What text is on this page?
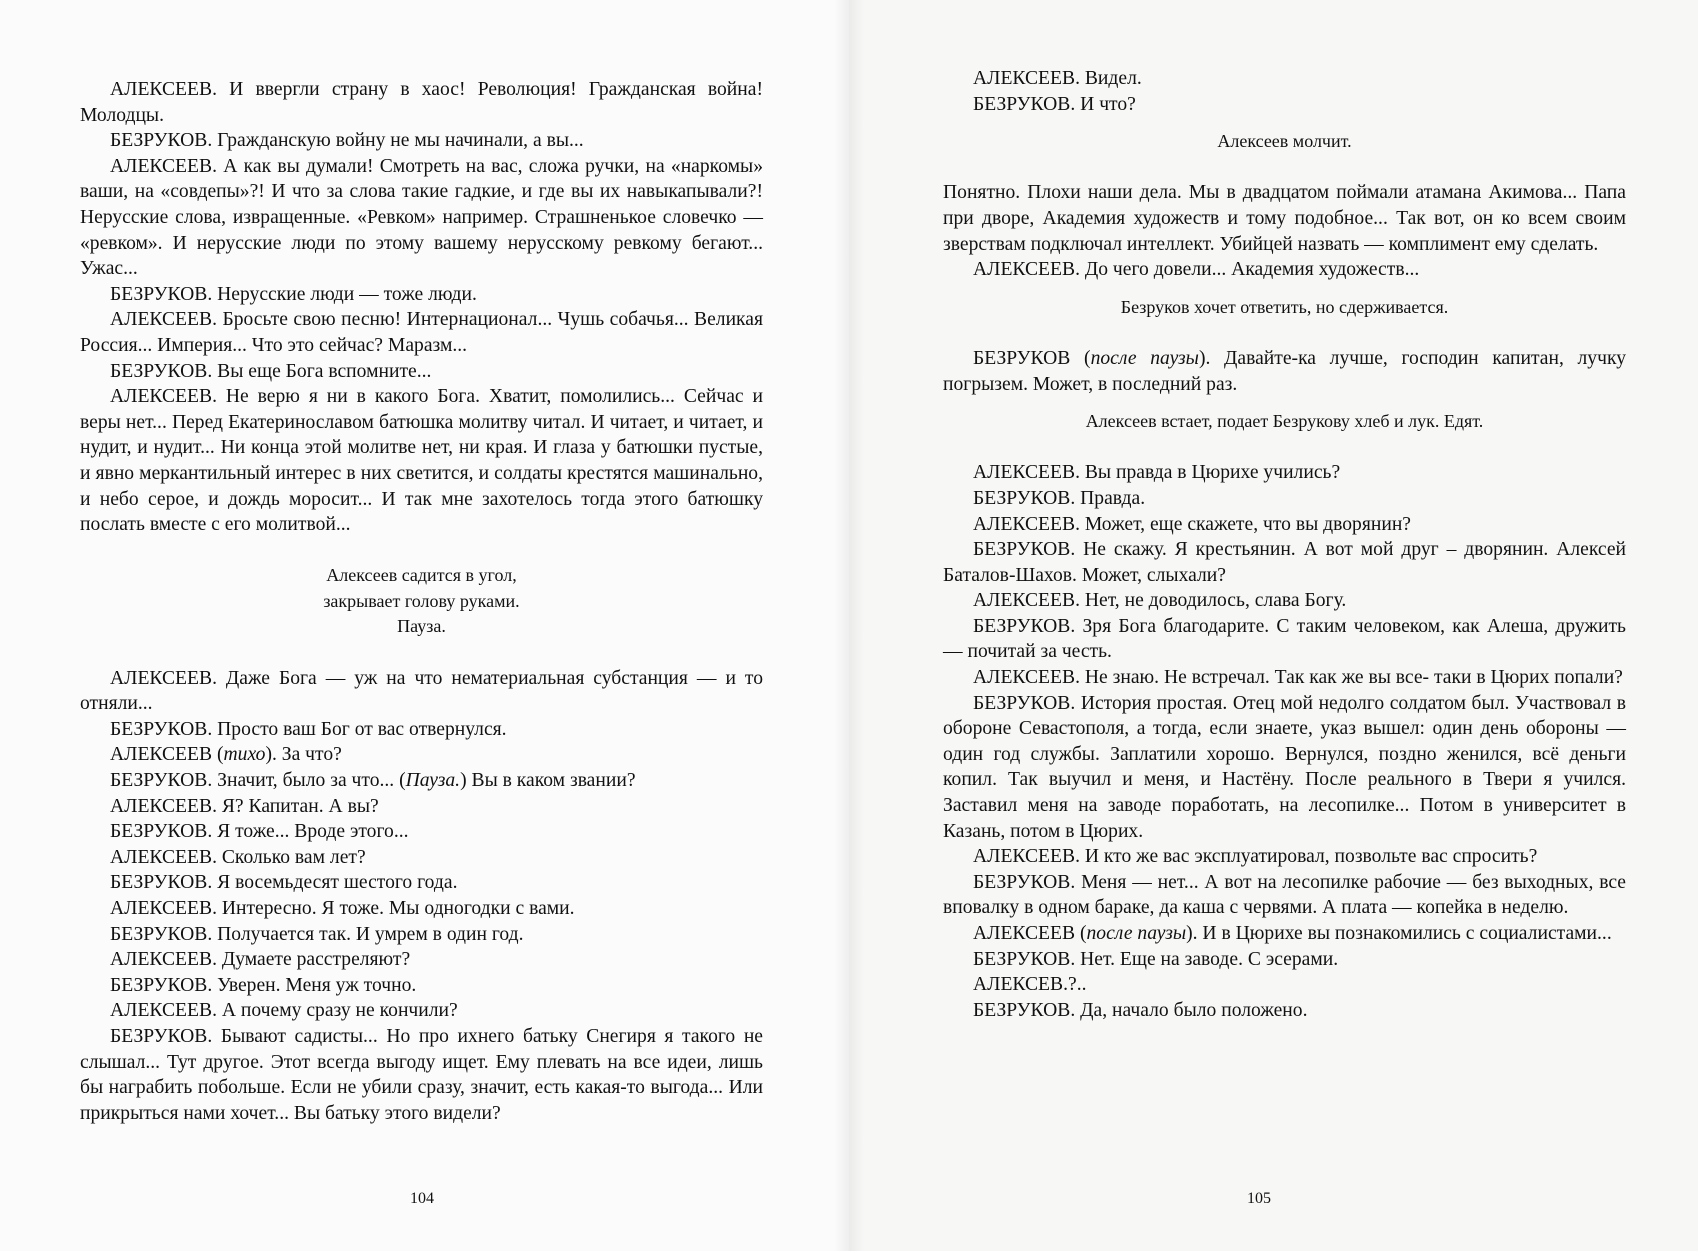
АЛЕКСЕЕВ. И ввергли страну в хаос! Революция! Гражданская война! Молодцы.

БЕЗРУКОВ. Гражданскую войну не мы начинали, а вы...

АЛЕКСЕЕВ. А как вы думали! Смотреть на вас, сложа ручки, на «наркомы» ваши, на «совдепы»?! И что за слова такие гадкие, и где вы их навыкапывали?! Нерусские слова, извращенные. «Ревком» например. Страшненькое словечко — «ревком». И нерусские люди по этому вашему нерусскому ревкому бегают... Ужас...

БЕЗРУКОВ. Нерусские люди — тоже люди.

АЛЕКСЕЕВ. Бросьте свою песню! Интернационал... Чушь собачья... Великая Россия... Империя... Что это сейчас? Маразм...

БЕЗРУКОВ. Вы еще Бога вспомните...

АЛЕКСЕЕВ. Не верю я ни в какого Бога. Хватит, помолились... Сейчас и веры нет... Перед Екатеринославом батюшка молитву читал. И читает, и читает, и нудит, и нудит... Ни конца этой молитве нет, ни края. И глаза у батюшки пустые, и явно меркантильный интерес в них светится, и солдаты крестятся машинально, и небо серое, и дождь моросит... И так мне захотелось тогда этого батюшку послать вместе с его молитвой...

Алексеев садится в угол,

закрывает голову руками.

Пауза.

АЛЕКСЕЕВ. Даже Бога — уж на что нематериальная субстанция — и то отняли...

БЕЗРУКОВ. Просто ваш Бог от вас отвернулся.

АЛЕКСЕЕВ (тихо). За что?

БЕЗРУКОВ. Значит, было за что... (Пауза.) Вы в каком звании?

АЛЕКСЕЕВ. Я? Капитан. А вы?

БЕЗРУКОВ. Я тоже... Вроде этого...

АЛЕКСЕЕВ. Сколько вам лет?

БЕЗРУКОВ. Я восемьдесят шестого года.

АЛЕКСЕЕВ. Интересно. Я тоже. Мы одногодки с вами.

БЕЗРУКОВ. Получается так. И умрем в один год.

АЛЕКСЕЕВ. Думаете расстреляют?

БЕЗРУКОВ. Уверен. Меня уж точно.

АЛЕКСЕЕВ. А почему сразу не кончили?

БЕЗРУКОВ. Бывают садисты... Но про ихнего батьку Снегиря я такого не слышал... Тут другое. Этот всегда выгоду ищет. Ему плевать на все идеи, лишь бы награбить побольше. Если не убили сразу, значит, есть какая-то выгода... Или прикрыться нами хочет... Вы батьку этого видели?

104

АЛЕКСЕЕВ. Видел.

БЕЗРУКОВ. И что?

Алексеев молчит.

Понятно. Плохи наши дела. Мы в двадцатом поймали атамана Акимова... Папа при дворе, Академия художеств и тому подобное... Так вот, он ко всем своим зверствам подключал интеллект. Убийцей назвать — комплимент ему сделать.

АЛЕКСЕЕВ. До чего довели... Академия художеств...

Безруков хочет ответить, но сдерживается.

БЕЗРУКОВ (после паузы). Давайте-ка лучше, господин капитан, лучку погрызем. Может, в последний раз.

Алексеев встает, подает Безрукову хлеб и лук. Едят.

АЛЕКСЕЕВ. Вы правда в Цюрихе учились?

БЕЗРУКОВ. Правда.

АЛЕКСЕЕВ. Может, еще скажете, что вы дворянин?

БЕЗРУКОВ. Не скажу. Я крестьянин. А вот мой друг – дворянин. Алексей Баталов-Шахов. Может, слыхали?

АЛЕКСЕЕВ. Нет, не доводилось, слава Богу.

БЕЗРУКОВ. Зря Бога благодарите. С таким человеком, как Алеша, дружить — почитай за честь.

АЛЕКСЕЕВ. Не знаю. Не встречал. Так как же вы все- таки в Цюрих попали?

БЕЗРУКОВ. История простая. Отец мой недолго солдатом был. Участвовал в обороне Севастополя, а тогда, если знаете, указ вышел: один день обороны — один год службы. Заплатили хорошо. Вернулся, поздно женился, всё деньги копил. Так выучил и меня, и Настёну. После реального в Твери я учился. Заставил меня на заводе поработать, на лесопилке... Потом в университет в Казань, потом в Цюрих.

АЛЕКСЕЕВ. И кто же вас эксплуатировал, позвольте вас спросить?

БЕЗРУКОВ. Меня — нет... А вот на лесопилке рабочие — без выходных, все вповалку в одном бараке, да каша с червями. А плата — копейка в неделю.

АЛЕКСЕЕВ (после паузы). И в Цюрихе вы познакомились с социалистами...

БЕЗРУКОВ. Нет. Еще на заводе. С эсерами.

АЛЕКСЕВ.?..

БЕЗРУКОВ. Да, начало было положено.

105
